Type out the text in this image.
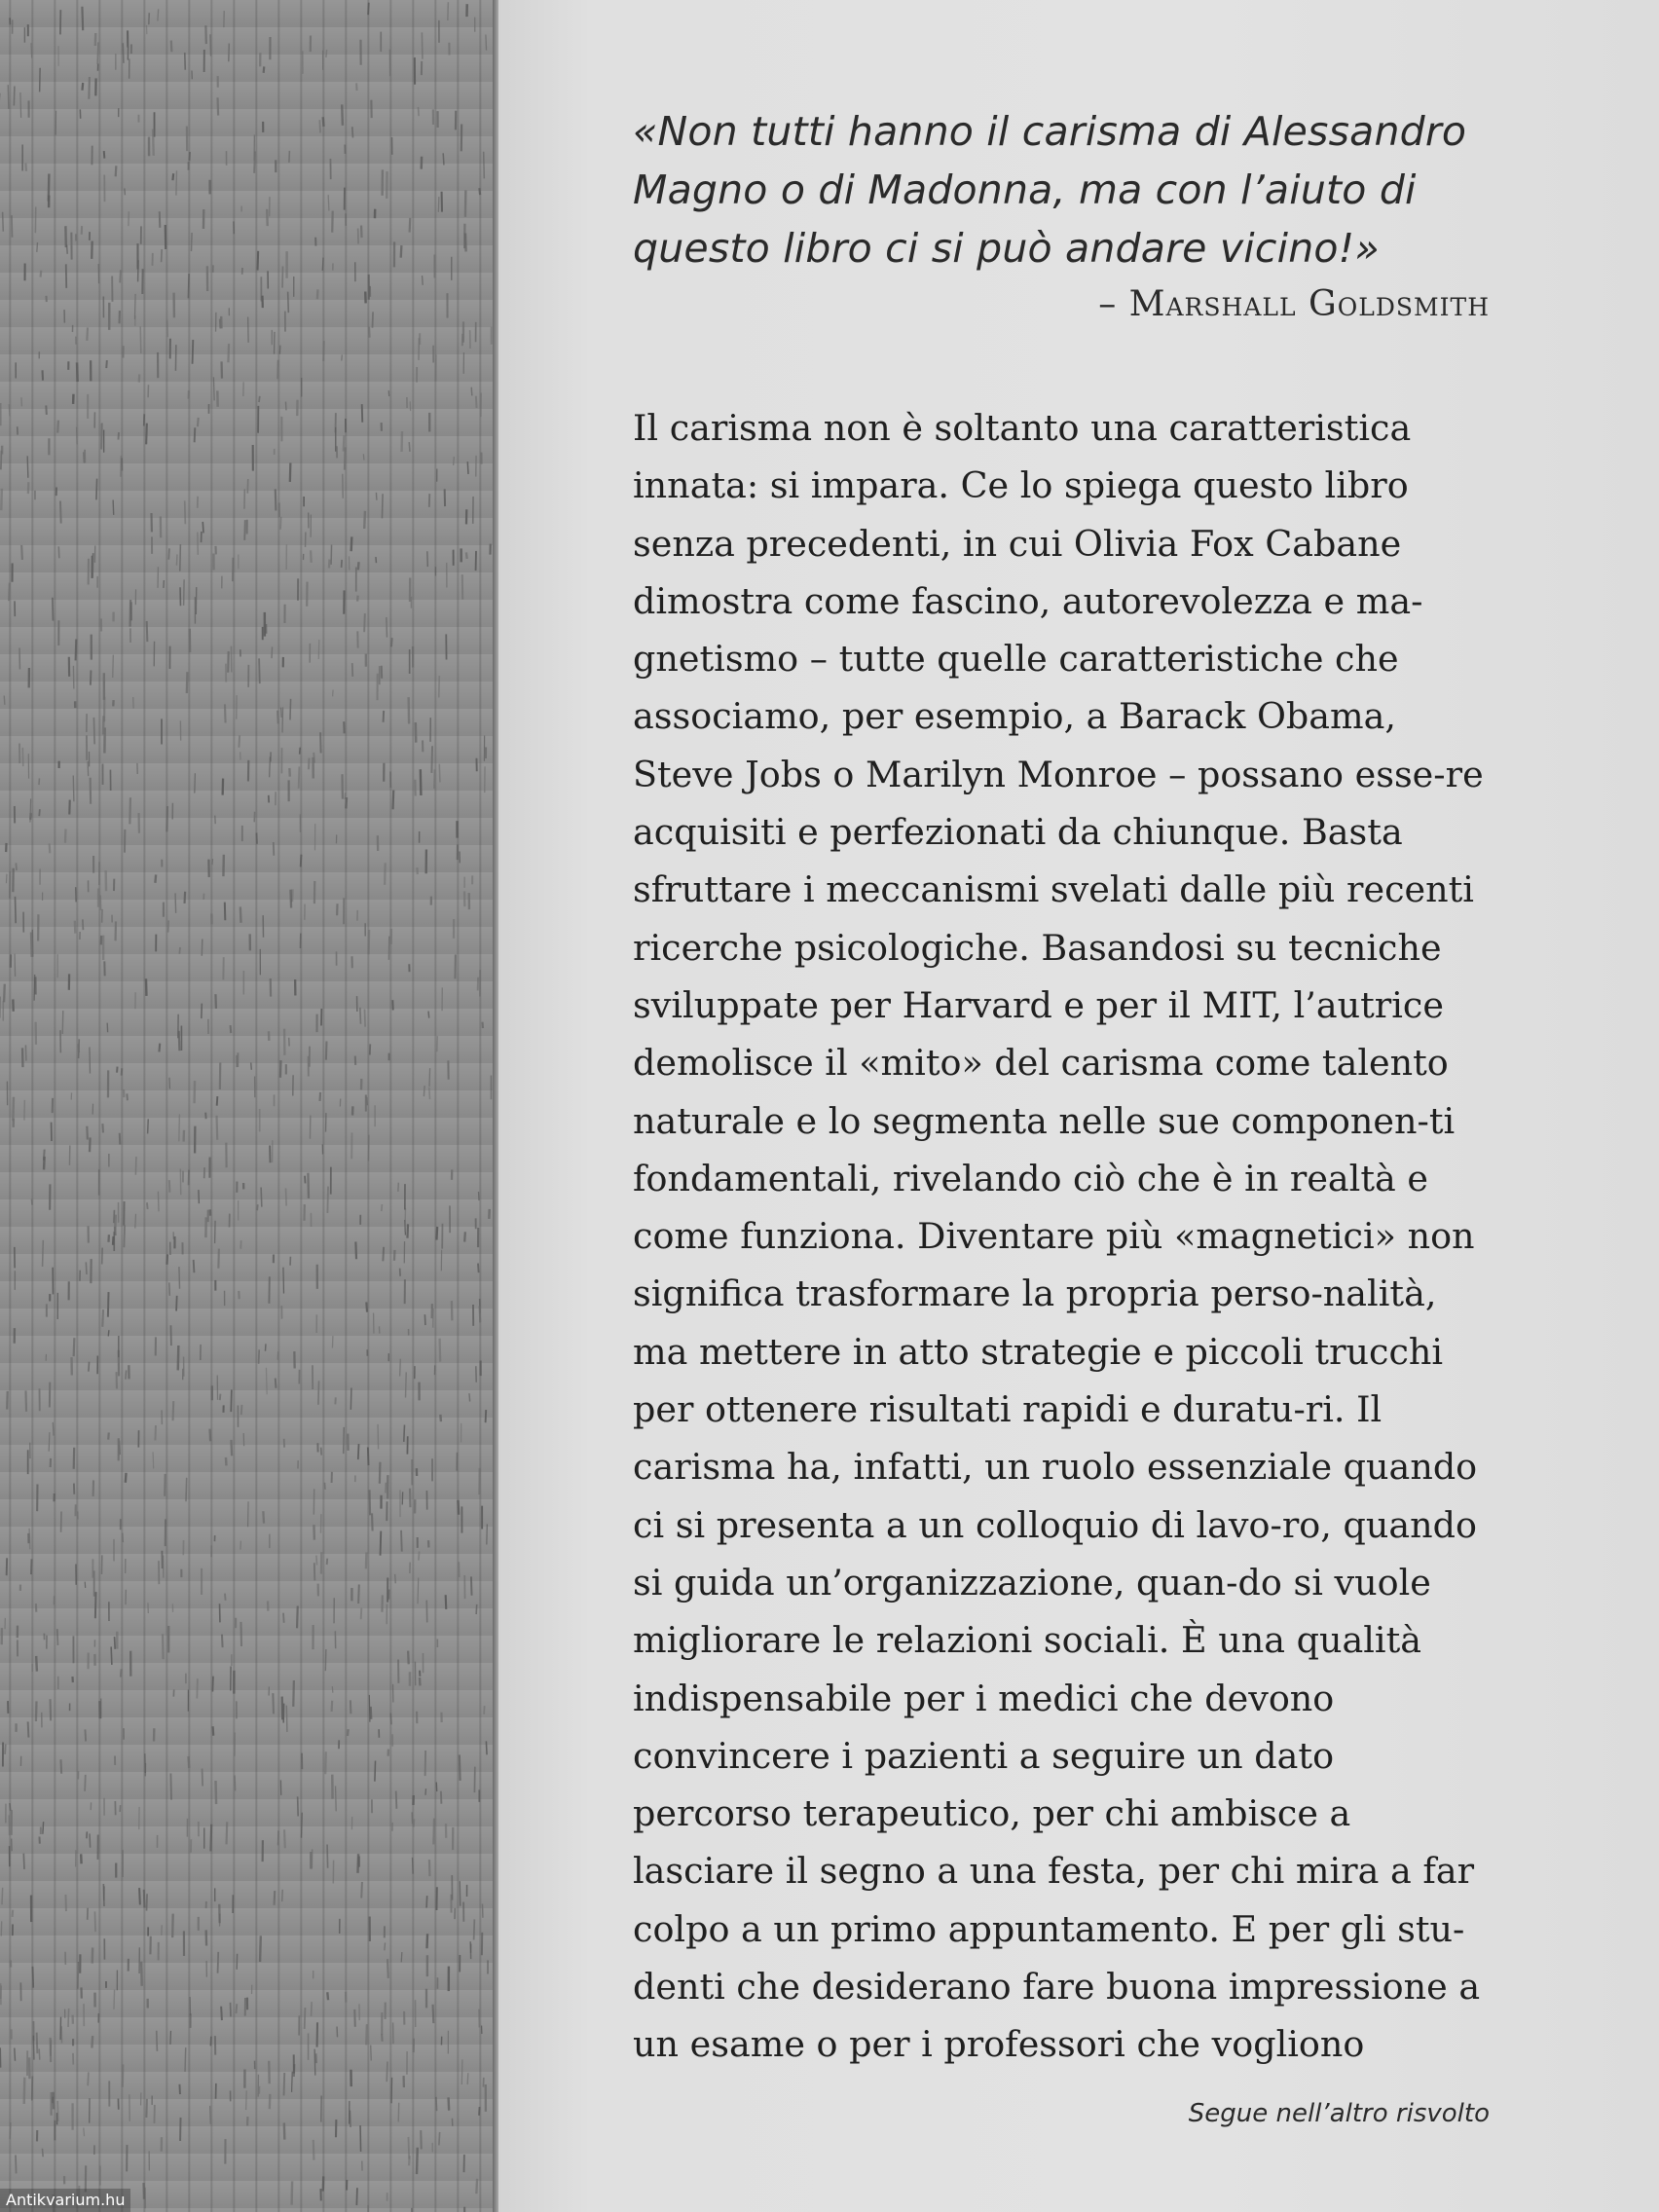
«Non tutti hanno il carisma di Alessandro Magno o di Madonna, ma con l’aiuto di questo libro ci si può andare vicino!»

– Marshall Goldsmith

Il carisma non è soltanto una caratteristica innata: si impara. Ce lo spiega questo libro senza precedenti, in cui Olivia Fox Cabane dimostra come fascino, autorevolezza e ma-gnetismo – tutte quelle caratteristiche che associamo, per esempio, a Barack Obama, Steve Jobs o Marilyn Monroe – possano esse-re acquisiti e perfezionati da chiunque. Basta sfruttare i meccanismi svelati dalle più recenti ricerche psicologiche. Basandosi su tecniche sviluppate per Harvard e per il MIT, l’autrice demolisce il «mito» del carisma come talento naturale e lo segmenta nelle sue componen-ti fondamentali, rivelando ciò che è in realtà e come funziona. Diventare più «magnetici» non significa trasformare la propria perso-nalità, ma mettere in atto strategie e piccoli trucchi per ottenere risultati rapidi e duratu-ri. Il carisma ha, infatti, un ruolo essenziale quando ci si presenta a un colloquio di lavo-ro, quando si guida un’organizzazione, quan-do si vuole migliorare le relazioni sociali. È una qualità indispensabile per i medici che devono convincere i pazienti a seguire un dato percorso terapeutico, per chi ambisce a lasciare il segno a una festa, per chi mira a far colpo a un primo appuntamento. E per gli stu-denti che desiderano fare buona impressione a un esame o per i professori che vogliono

Segue nell’altro risvolto
Antikvarium.hu
